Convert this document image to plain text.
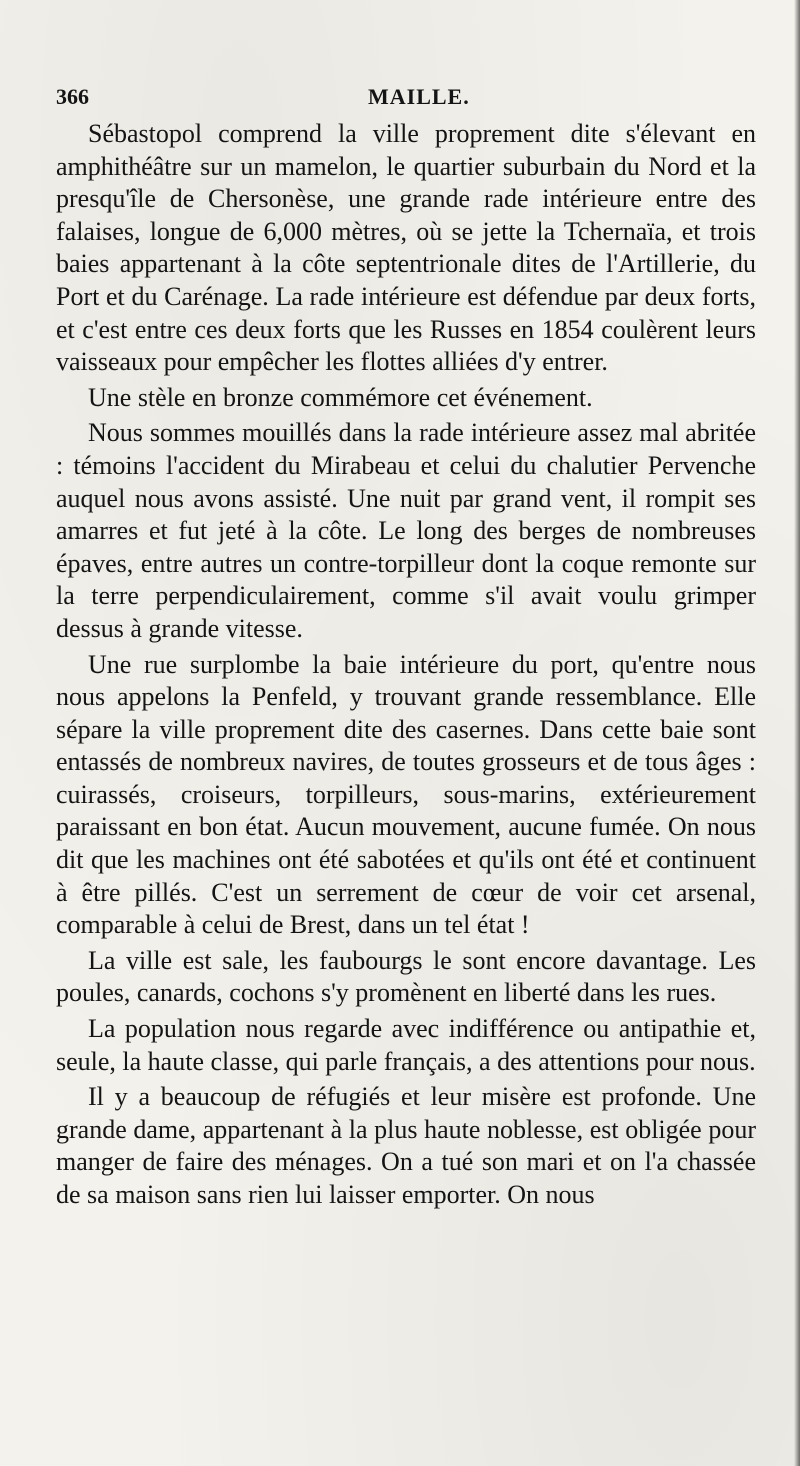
366	MAILLE.

Sébastopol comprend la ville proprement dite s'élevant en amphithéâtre sur un mamelon, le quartier suburbain du Nord et la presqu'île de Chersonèse, une grande rade intérieure entre des falaises, longue de 6,000 mètres, où se jette la Tchernaïa, et trois baies appartenant à la côte septentrionale dites de l'Artillerie, du Port et du Carénage. La rade intérieure est défendue par deux forts, et c'est entre ces deux forts que les Russes en 1854 coulèrent leurs vaisseaux pour empêcher les flottes alliées d'y entrer.

Une stèle en bronze commémore cet événement.

Nous sommes mouillés dans la rade intérieure assez mal abritée : témoins l'accident du Mirabeau et celui du chalutier Pervenche auquel nous avons assisté. Une nuit par grand vent, il rompit ses amarres et fut jeté à la côte. Le long des berges de nombreuses épaves, entre autres un contre-torpilleur dont la coque remonte sur la terre perpendiculairement, comme s'il avait voulu grimper dessus à grande vitesse.

Une rue surplombe la baie intérieure du port, qu'entre nous nous appelons la Penfeld, y trouvant grande ressemblance. Elle sépare la ville proprement dite des casernes. Dans cette baie sont entassés de nombreux navires, de toutes grosseurs et de tous âges : cuirassés, croiseurs, torpilleurs, sous-marins, extérieurement paraissant en bon état. Aucun mouvement, aucune fumée. On nous dit que les machines ont été sabotées et qu'ils ont été et continuent à être pillés. C'est un serrement de cœur de voir cet arsenal, comparable à celui de Brest, dans un tel état !

La ville est sale, les faubourgs le sont encore davantage. Les poules, canards, cochons s'y promènent en liberté dans les rues.

La population nous regarde avec indifférence ou antipathie et, seule, la haute classe, qui parle français, a des attentions pour nous.

Il y a beaucoup de réfugiés et leur misère est profonde. Une grande dame, appartenant à la plus haute noblesse, est obligée pour manger de faire des ménages. On a tué son mari et on l'a chassée de sa maison sans rien lui laisser emporter. On nous
